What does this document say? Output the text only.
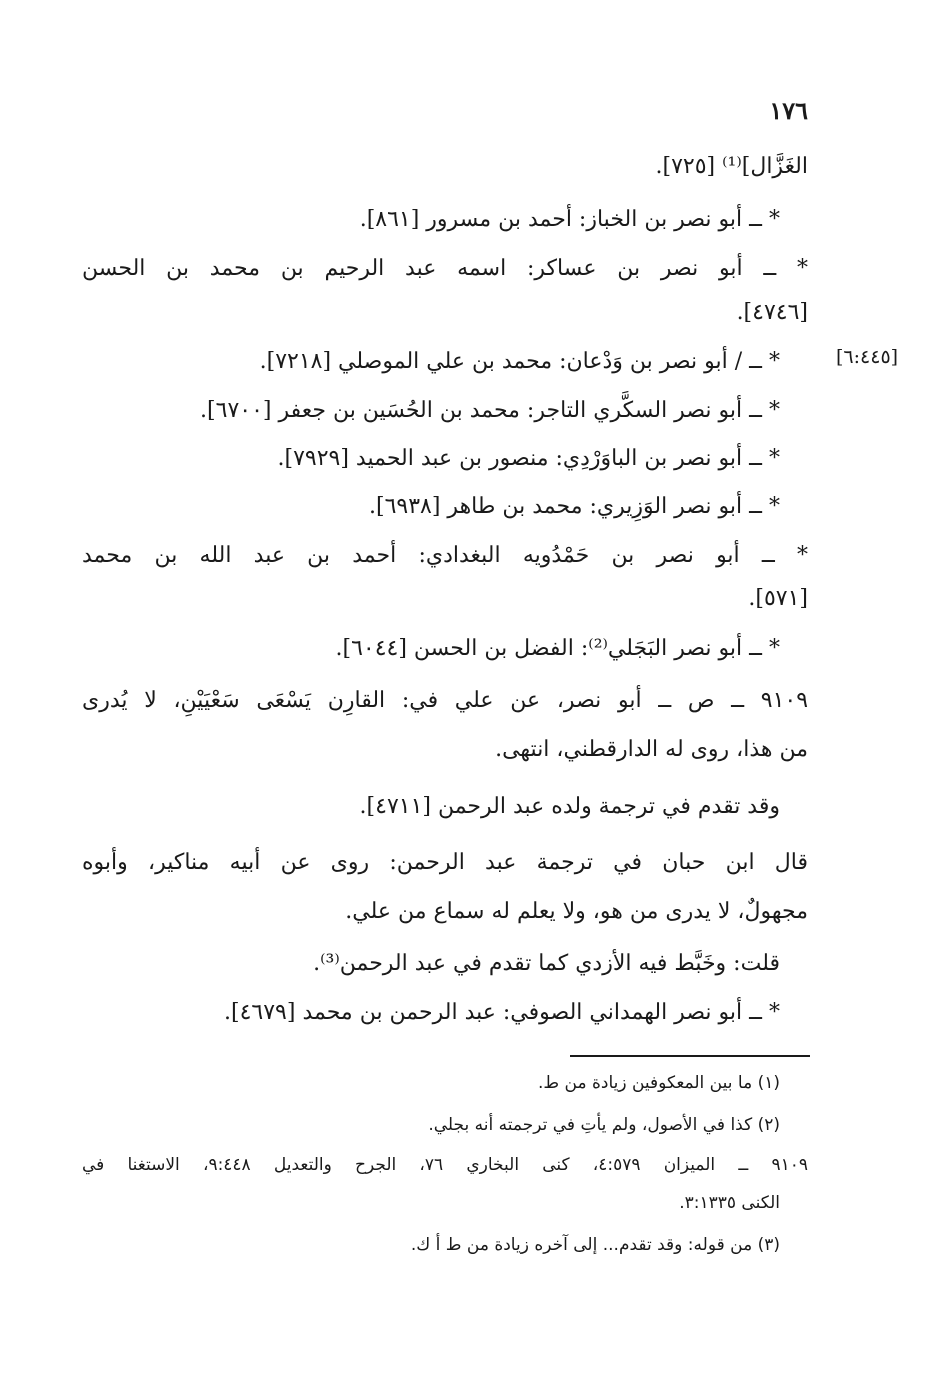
١٧٦
[٦:٤٤٥]
الغَزَّال]⁽¹⁾ [٧٢٥].
* ــ أبو نصر بن الخباز: أحمد بن مسرور [٨٦١].
* ــ أبو نصر بن عساكر: اسمه عبد الرحيم بن محمد بن الحسن
[٤٧٤٦].
* ــ / أبو نصر بن وَدْعان: محمد بن علي الموصلي [٧٢١٨].
* ــ أبو نصر السكَّري التاجر: محمد بن الحُسَين بن جعفر [٦٧٠٠].
* ــ أبو نصر بن الباوَرْدِي: منصور بن عبد الحميد [٧٩٢٩].
* ــ أبو نصر الوَزِيري: محمد بن طاهر [٦٩٣٨].
* ــ أبو نصر بن حَمْدُويه البغدادي: أحمد بن عبد الله بن محمد
[٥٧١].
* ــ أبو نصر البَجَلي⁽²⁾: الفضل بن الحسن [٦٠٤٤].
٩١٠٩ ــ ص ــ أبو نصر، عن علي في: القارِن يَسْعَى سَعْيَيْنِ، لا يُدرى
من هذا، روى له الدارقطني، انتهى.
وقد تقدم في ترجمة ولده عبد الرحمن [٤٧١١].
قال ابن حبان في ترجمة عبد الرحمن: روى عن أبيه مناكير، وأبوه
مجهولٌ، لا يدرى من هو، ولا يعلم له سماع من علي.
قلت: وخَبَّط فيه الأزدي كما تقدم في عبد الرحمن⁽³⁾.
* ــ أبو نصر الهمداني الصوفي: عبد الرحمن بن محمد [٤٦٧٩].
(١) ما بين المعكوفين زيادة من ط.
(٢) كذا في الأصول، ولم يأتِ في ترجمته أنه بجلي.
٩١٠٩ ــ الميزان ٤:٥٧٩، كنى البخاري ٧٦، الجرح والتعديل ٩:٤٤٨، الاستغنا في
الكنى ٣:١٣٣٥.
(٣) من قوله: وقد تقدم... إلى آخره زيادة من ط أ ك.
